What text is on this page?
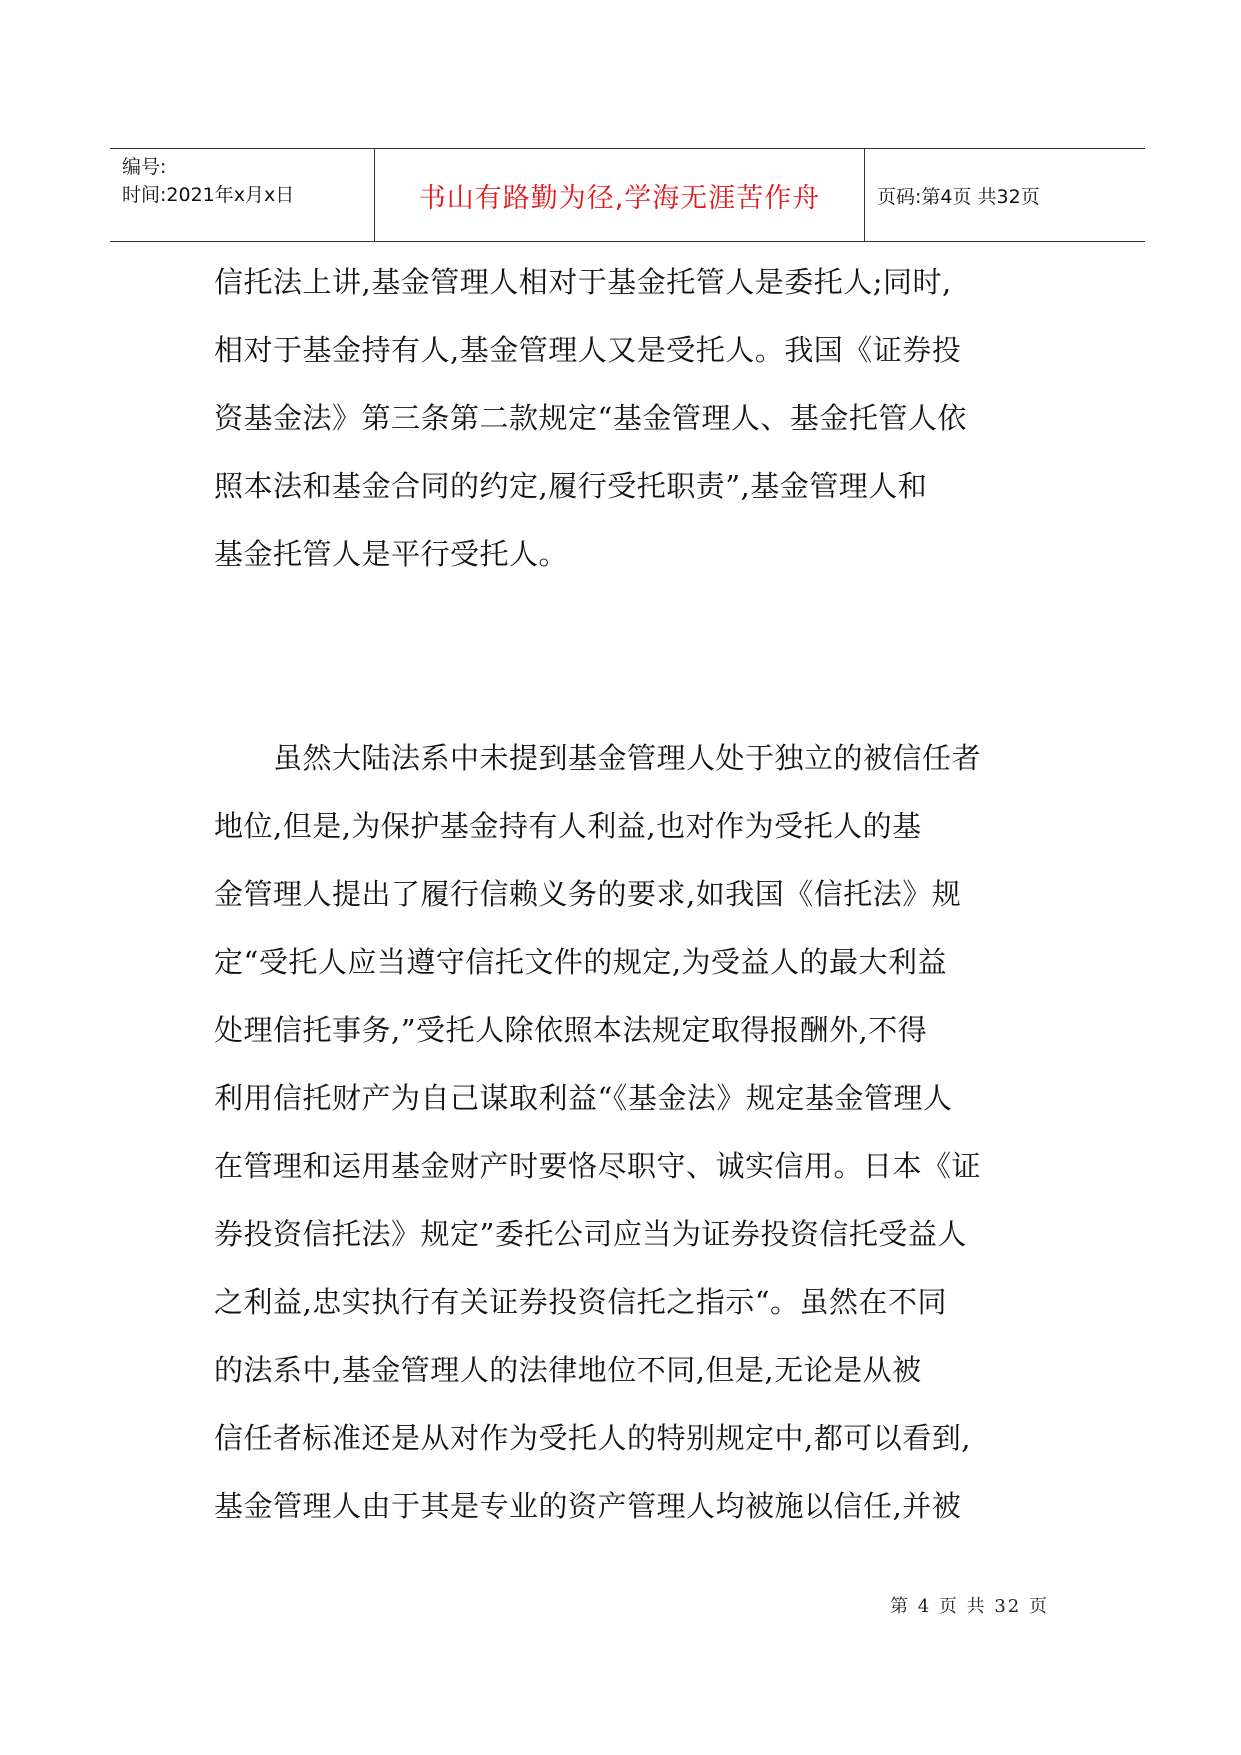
编号:
时间:2021年x月x日	书山有路勤为径,学海无涯苦作舟	页码:第4页 共32页
信托法上讲,基金管理人相对于基金托管人是委托人;同时,
相对于基金持有人,基金管理人又是受托人。我国《证券投
资基金法》第三条第二款规定“基金管理人、基金托管人依
照本法和基金合同的约定,履行受托职责”,基金管理人和
基金托管人是平行受托人。
　　虽然大陆法系中未提到基金管理人处于独立的被信任者
地位,但是,为保护基金持有人利益,也对作为受托人的基
金管理人提出了履行信赖义务的要求,如我国《信托法》规
定“受托人应当遵守信托文件的规定,为受益人的最大利益
处理信托事务,”受托人除依照本法规定取得报酬外,不得
利用信托财产为自己谋取利益“《基金法》规定基金管理人
在管理和运用基金财产时要恪尽职守、诚实信用。日本《证
券投资信托法》规定”委托公司应当为证券投资信托受益人
之利益,忠实执行有关证券投资信托之指示“。虽然在不同
的法系中,基金管理人的法律地位不同,但是,无论是从被
信任者标准还是从对作为受托人的特别规定中,都可以看到,
基金管理人由于其是专业的资产管理人均被施以信任,并被
第 4 页 共 32 页
